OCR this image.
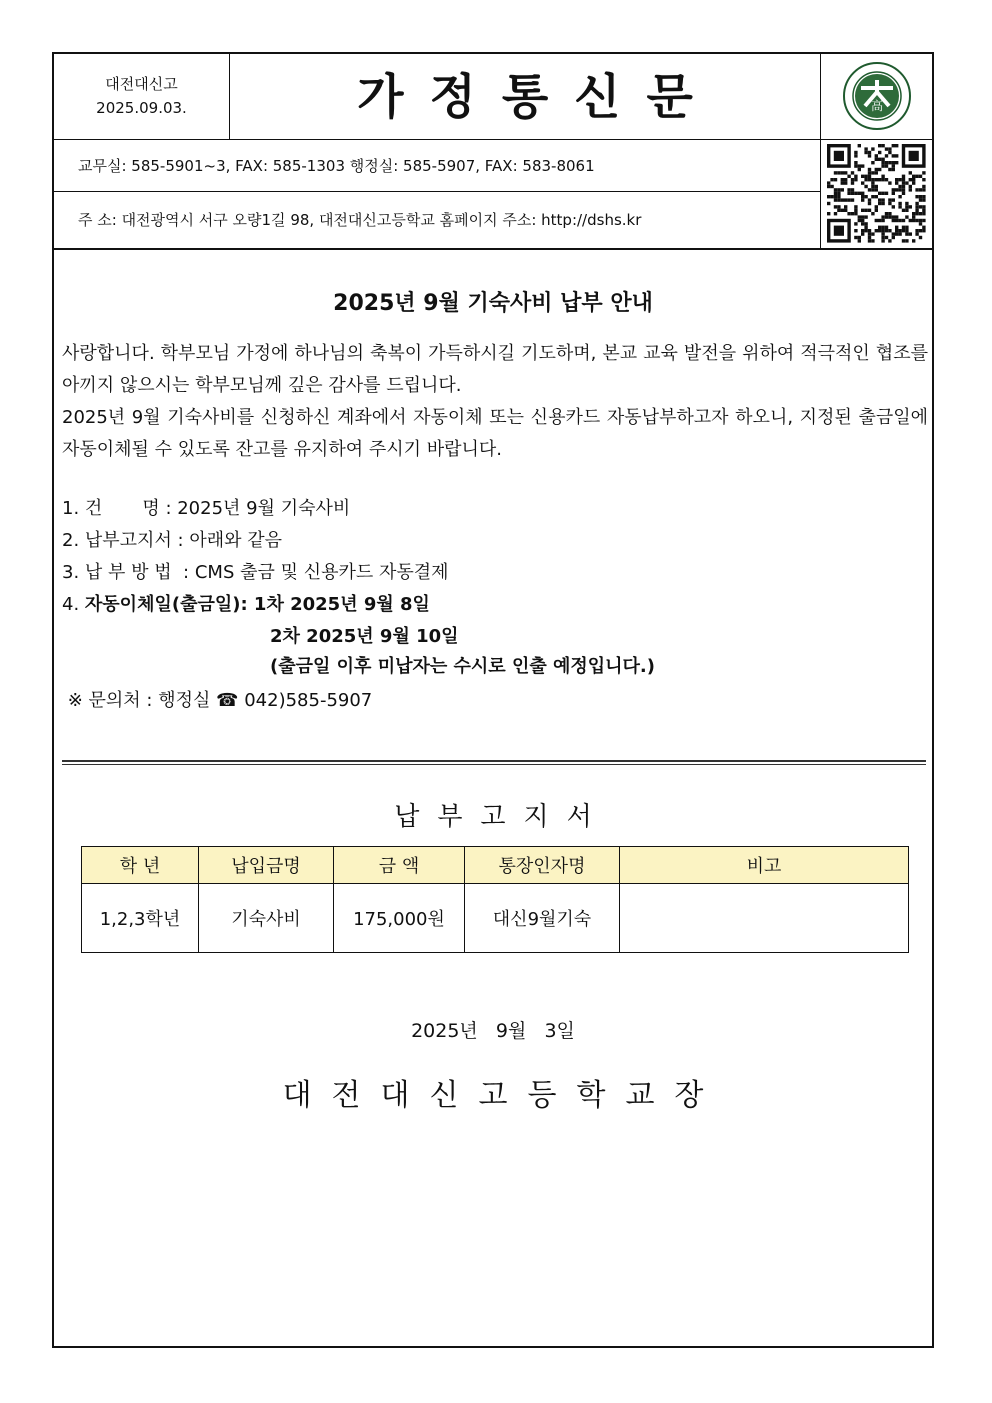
대전대신고
2025.09.03.	가정통신문	高
교무실: 585-5901~3, FAX: 585-1303 행정실: 585-5907, FAX: 583-8061
주 소: 대전광역시 서구 오량1길 98, 대전대신고등학교 홈페이지 주소: http://dshs.kr
2025년 9월 기숙사비 납부 안내
사랑합니다. 학부모님 가정에 하나님의 축복이 가득하시길 기도하며, 본교 교육 발전을 위하여 적극적인 협조를 아끼지 않으시는 학부모님께 깊은 감사를 드립니다.
2025년 9월 기숙사비를 신청하신 계좌에서 자동이체 또는 신용카드 자동납부하고자 하오니, 지정된 출금일에 자동이체될 수 있도록 잔고를 유지하여 주시기 바랍니다.
1. 건       명 : 2025년 9월 기숙사비
2. 납부고지서 : 아래와 같음
3. 납 부 방 법  : CMS 출금 및 신용카드 자동결제
4. 자동이체일(출금일): 1차 2025년 9월 8일
2차 2025년 9월 10일
(출금일 이후 미납자는 수시로 인출 예정입니다.)
※ 문의처 : 행정실 ☎ 042)585-5907
납부고지서
학 년	납입금명	금 액	통장인자명	비고
1,2,3학년	기숙사비	175,000원	대신9월기숙	
2025년   9월   3일
대전대신고등학교장
